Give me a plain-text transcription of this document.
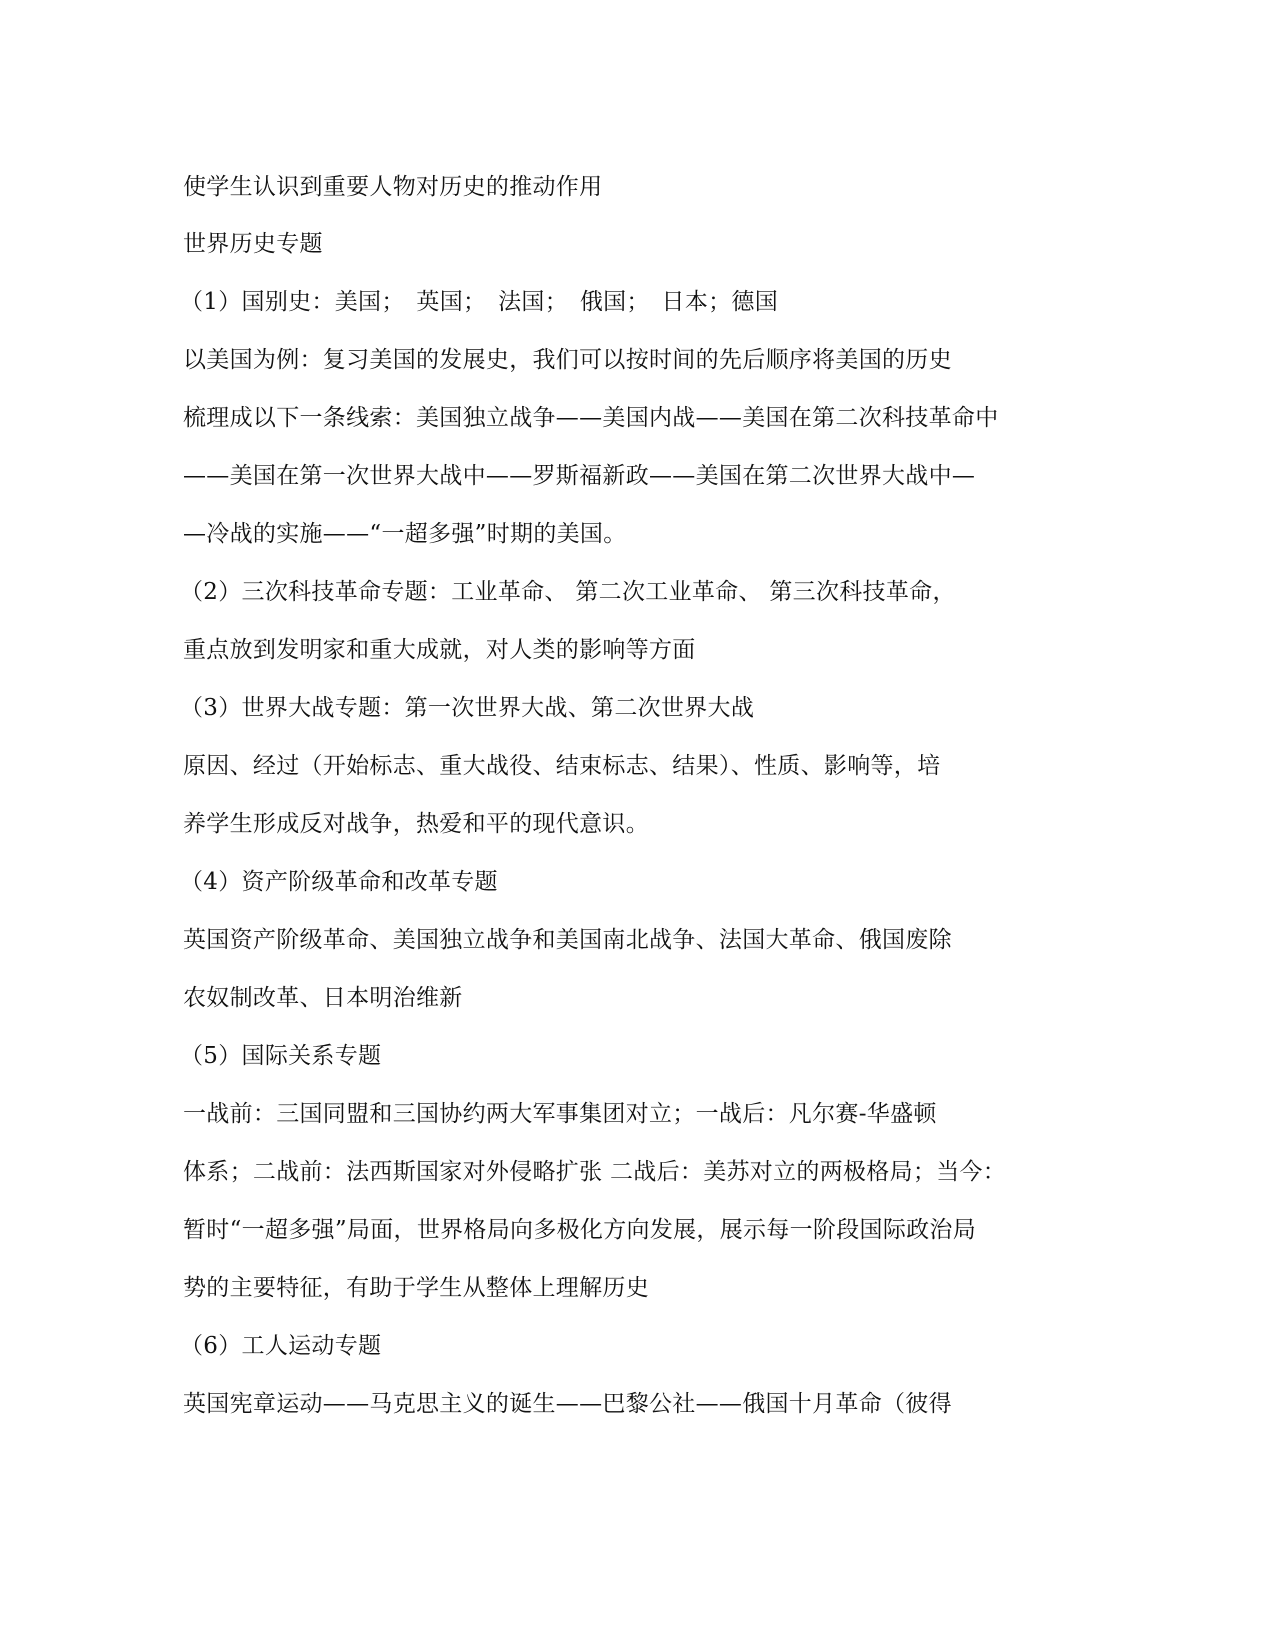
使学生认识到重要人物对历史的推动作用
世界历史专题
（1）国别史：美国；　英国；　法国；　俄国；　日本；德国
以美国为例：复习美国的发展史，我们可以按时间的先后顺序将美国的历史
梳理成以下一条线索：美国独立战争——美国内战——美国在第二次科技革命中
——美国在第一次世界大战中——罗斯福新政——美国在第二次世界大战中—
—冷战的实施——“一超多强”时期的美国。
（2）三次科技革命专题：工业革命、 第二次工业革命、 第三次科技革命，
重点放到发明家和重大成就，对人类的影响等方面
（3）世界大战专题：第一次世界大战、第二次世界大战
原因、经过（开始标志、重大战役、结束标志、结果）、性质、影响等，培
养学生形成反对战争，热爱和平的现代意识。
（4）资产阶级革命和改革专题
英国资产阶级革命、美国独立战争和美国南北战争、法国大革命、俄国废除
农奴制改革、日本明治维新
（5）国际关系专题
一战前：三国同盟和三国协约两大军事集团对立；一战后：凡尔赛-华盛顿
体系；二战前：法西斯国家对外侵略扩张 二战后：美苏对立的两极格局；当今：
暂时“一超多强”局面，世界格局向多极化方向发展，展示每一阶段国际政治局
势的主要特征，有助于学生从整体上理解历史
（6）工人运动专题
英国宪章运动——马克思主义的诞生——巴黎公社——俄国十月革命（彼得
